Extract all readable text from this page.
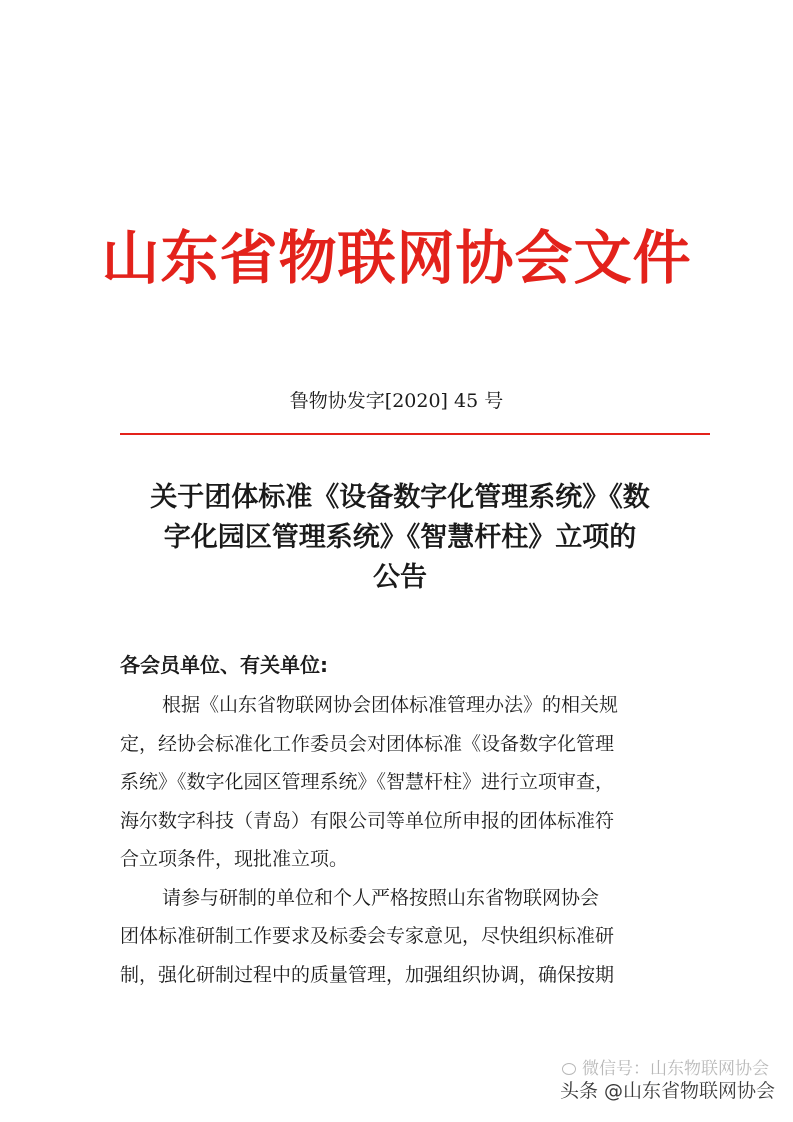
山东省物联网协会文件
鲁物协发字[2020] 45 号
关于团体标准《设备数字化管理系统》《数
字化园区管理系统》《智慧杆柱》立项的
公告
各会员单位、有关单位:
根据《山东省物联网协会团体标准管理办法》的相关规
定，经协会标准化工作委员会对团体标准《设备数字化管理
系统》《数字化园区管理系统》《智慧杆柱》进行立项审查，
海尔数字科技（青岛）有限公司等单位所申报的团体标准符
合立项条件，现批准立项。
请参与研制的单位和个人严格按照山东省物联网协会
团体标准研制工作要求及标委会专家意见，尽快组织标准研
制，强化研制过程中的质量管理，加强组织协调，确保按期
微信号：山东物联网协会
头条 @山东省物联网协会
